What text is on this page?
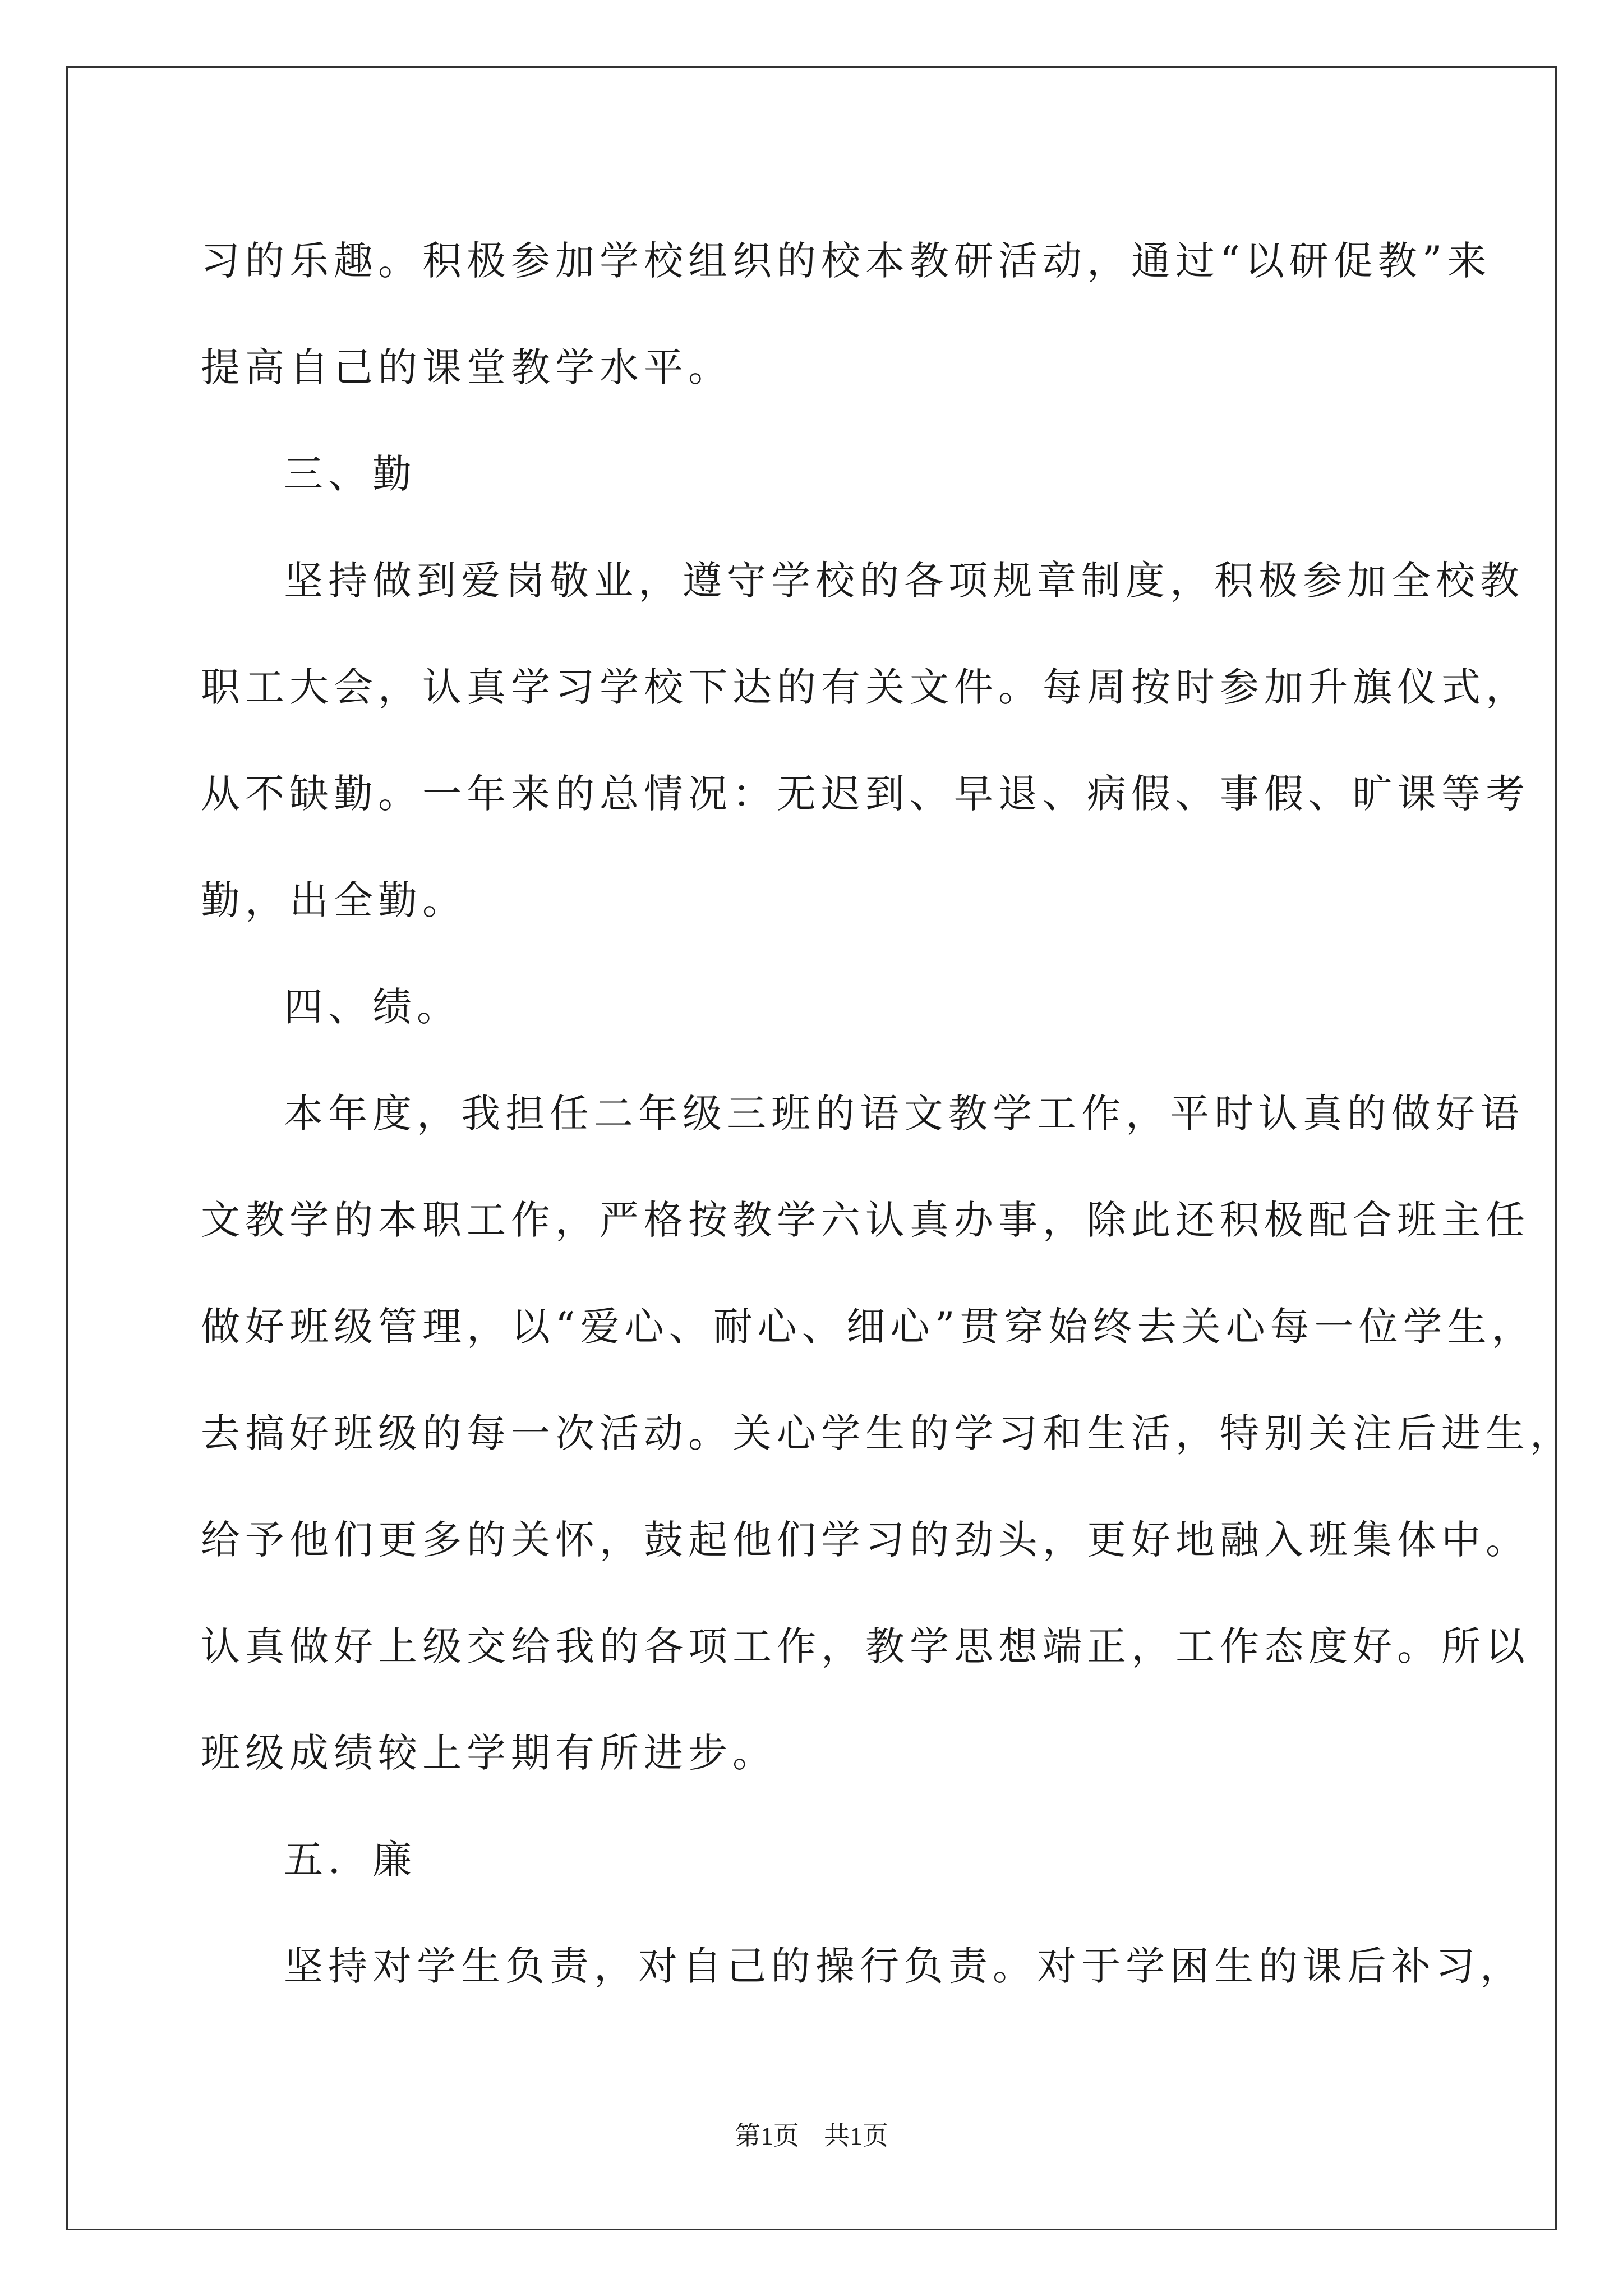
习的乐趣。积极参加学校组织的校本教研活动，通过“以研促教”来
提高自己的课堂教学水平。
三、勤
坚持做到爱岗敬业，遵守学校的各项规章制度，积极参加全校教
职工大会，认真学习学校下达的有关文件。每周按时参加升旗仪式，
从不缺勤。一年来的总情况：无迟到、早退、病假、事假、旷课等考
勤，出全勤。
四、绩。
本年度，我担任二年级三班的语文教学工作，平时认真的做好语
文教学的本职工作，严格按教学六认真办事，除此还积极配合班主任
做好班级管理，以“爱心、耐心、细心”贯穿始终去关心每一位学生，
去搞好班级的每一次活动。关心学生的学习和生活，特别关注后进生，
给予他们更多的关怀，鼓起他们学习的劲头，更好地融入班集体中。
认真做好上级交给我的各项工作，教学思想端正，工作态度好。所以
班级成绩较上学期有所进步。
五．廉
坚持对学生负责，对自己的操行负责。对于学困生的课后补习，
第1页 共1页
